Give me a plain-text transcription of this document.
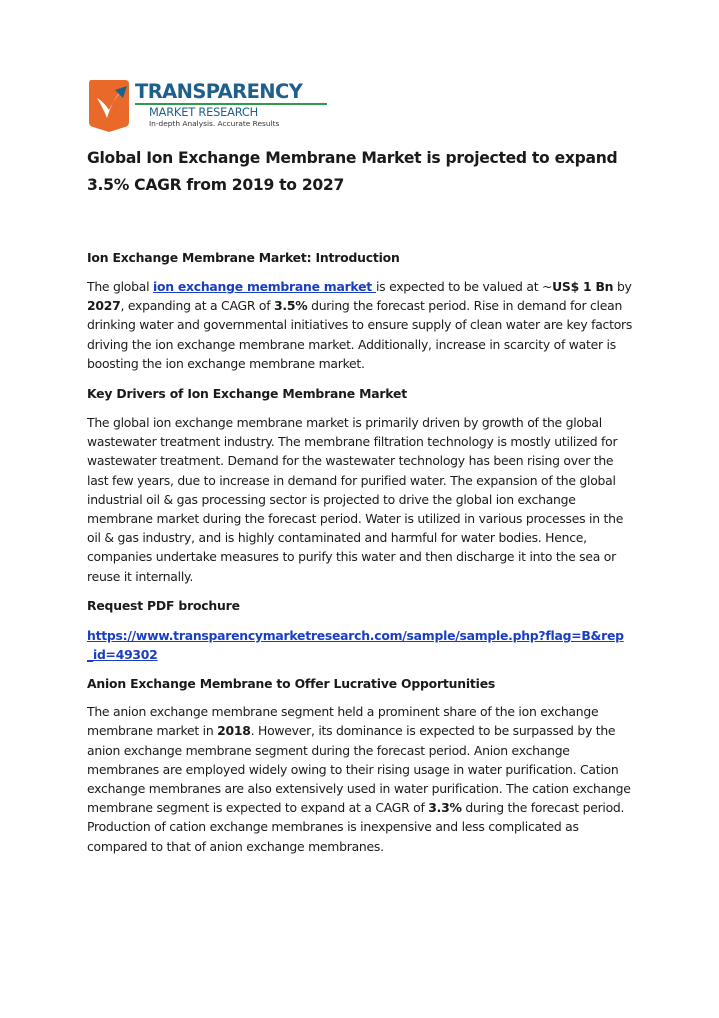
TRANSPARENCY
MARKET RESEARCH
In-depth Analysis. Accurate Results
Global Ion Exchange Membrane Market is projected to expand
3.5% CAGR from 2019 to 2027
Ion Exchange Membrane Market: Introduction

The global ion exchange membrane market is expected to be valued at ~US$ 1 Bn by 2027, expanding at a CAGR of 3.5% during the forecast period. Rise in demand for clean drinking water and governmental initiatives to ensure supply of clean water are key factors driving the ion exchange membrane market. Additionally, increase in scarcity of water is boosting the ion exchange membrane market.

Key Drivers of Ion Exchange Membrane Market

The global ion exchange membrane market is primarily driven by growth of the global wastewater treatment industry. The membrane filtration technology is mostly utilized for wastewater treatment. Demand for the wastewater technology has been rising over the last few years, due to increase in demand for purified water. The expansion of the global industrial oil & gas processing sector is projected to drive the global ion exchange membrane market during the forecast period. Water is utilized in various processes in the oil & gas industry, and is highly contaminated and harmful for water bodies. Hence, companies undertake measures to purify this water and then discharge it into the sea or reuse it internally.

Request PDF brochure

https://www.transparencymarketresearch.com/sample/sample.php?flag=B&rep
_id=49302

Anion Exchange Membrane to Offer Lucrative Opportunities

The anion exchange membrane segment held a prominent share of the ion exchange membrane market in 2018. However, its dominance is expected to be surpassed by the anion exchange membrane segment during the forecast period. Anion exchange membranes are employed widely owing to their rising usage in water purification. Cation exchange membranes are also extensively used in water purification. The cation exchange membrane segment is expected to expand at a CAGR of 3.3% during the forecast period. Production of cation exchange membranes is inexpensive and less complicated as compared to that of anion exchange membranes.
